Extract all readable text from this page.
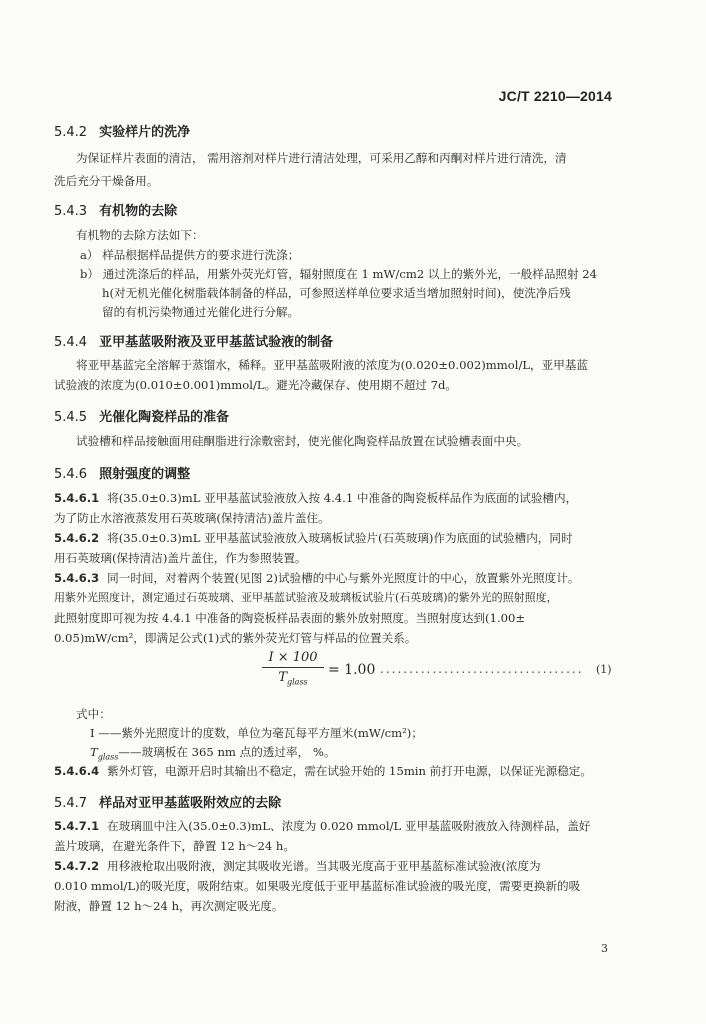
JC/T 2210—2014
5.4.2 实验样片的洗净
为保证样片表面的清洁， 需用溶剂对样片进行清洁处理，可采用乙醇和丙酮对样片进行清洗，清
洗后充分干燥备用。
5.4.3 有机物的去除
有机物的去除方法如下：
a） 样品根据样品提供方的要求进行洗涤；
b） 通过洗涤后的样品，用紫外荧光灯管，辐射照度在 1 mW/cm2 以上的紫外光，一般样品照射 24
h(对无机光催化树脂载体制备的样品，可参照送样单位要求适当增加照射时间)，使洗净后残
留的有机污染物通过光催化进行分解。
5.4.4 亚甲基蓝吸附液及亚甲基蓝试验液的制备
将亚甲基蓝完全溶解于蒸馏水，稀释。亚甲基蓝吸附液的浓度为(0.020±0.002)mmol/L，亚甲基蓝
试验液的浓度为(0.010±0.001)mmol/L。避光冷藏保存、使用期不超过 7d。
5.4.5 光催化陶瓷样品的准备
试验槽和样品接触面用硅酮脂进行涂敷密封，使光催化陶瓷样品放置在试验槽表面中央。
5.4.6 照射强度的调整
5.4.6.1 将(35.0±0.3)mL 亚甲基蓝试验液放入按 4.4.1 中准备的陶瓷板样品作为底面的试验槽内，
为了防止水溶液蒸发用石英玻璃(保持清洁)盖片盖住。
5.4.6.2 将(35.0±0.3)mL 亚甲基蓝试验液放入玻璃板试验片(石英玻璃)作为底面的试验槽内，同时
用石英玻璃(保持清洁)盖片盖住，作为参照装置。
5.4.6.3 同一时间，对着两个装置(见图 2)试验槽的中心与紫外光照度计的中心，放置紫外光照度计。
用紫外光照度计，测定通过石英玻璃、亚甲基蓝试验液及玻璃板试验片(石英玻璃)的紫外光的照射照度，
此照射度即可视为按 4.4.1 中准备的陶瓷板样品表面的紫外放射照度。当照射度达到(1.00±
0.05)mW/cm²，即满足公式(1)式的紫外荧光灯管与样品的位置关系。
I × 100
$T_{glass}$
= 1.00 ................................... (1)
式中：
I ——紫外光照度计的度数，单位为毫瓦每平方厘米(mW/cm²)；
$T_{glass}——$玻璃板在 365 nm 点的透过率， %。
5.4.6.4 紫外灯管，电源开启时其输出不稳定，需在试验开始的 15min 前打开电源，以保证光源稳定。
5.4.7 样品对亚甲基蓝吸附效应的去除
5.4.7.1 在玻璃皿中注入(35.0±0.3)mL、浓度为 0.020 mmol/L 亚甲基蓝吸附液放入待测样品，盖好
盖片玻璃，在避光条件下，静置 12 h～24 h。
5.4.7.2 用移液枪取出吸附液，测定其吸收光谱。当其吸光度高于亚甲基蓝标准试验液(浓度为
0.010 mmol/L)的吸光度，吸附结束。如果吸光度低于亚甲基蓝标准试验液的吸光度，需要更换新的吸
附液，静置 12 h～24 h，再次测定吸光度。
3
